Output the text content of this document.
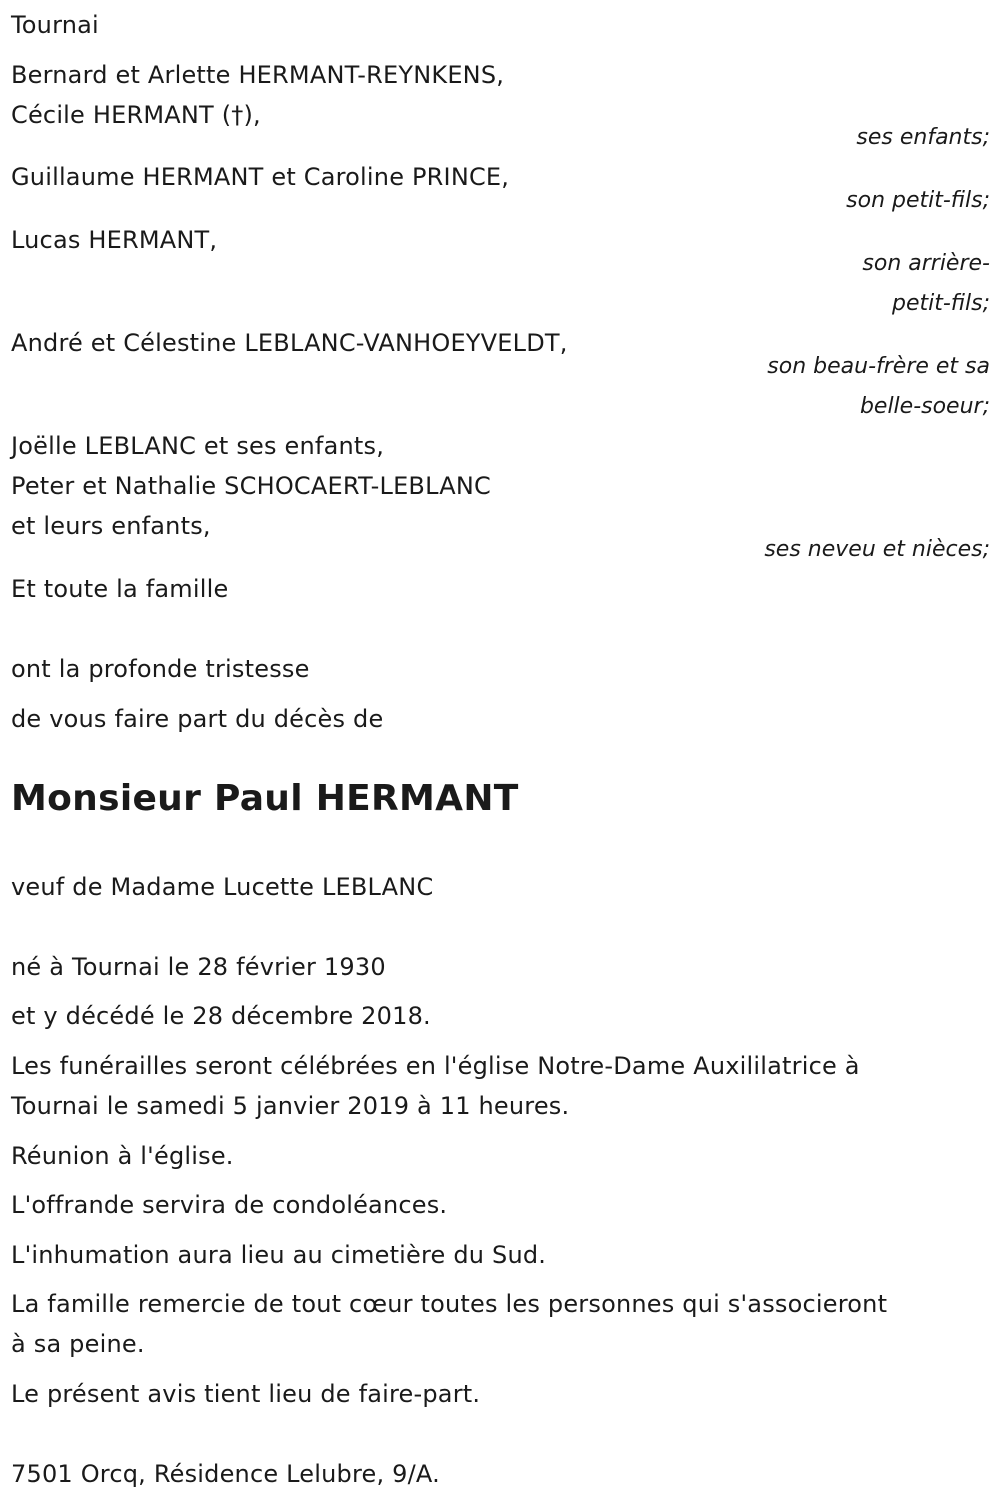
Tournai
Bernard et Arlette HERMANT-REYNKENS,
Cécile HERMANT (†),
ses enfants;
Guillaume HERMANT et Caroline PRINCE,
son petit-fils;
Lucas HERMANT,
son arrière-
petit-fils;
André et Célestine LEBLANC-VANHOEYVELDT,
son beau-frère et sa
belle-soeur;
Joëlle LEBLANC et ses enfants,
Peter et Nathalie SCHOCAERT-LEBLANC
et leurs enfants,
ses neveu et nièces;
Et toute la famille
ont la profonde tristesse
de vous faire part du décès de
Monsieur Paul HERMANT
veuf de Madame Lucette LEBLANC
né à Tournai le 28 février 1930
et y décédé le 28 décembre 2018.
Les funérailles seront célébrées en l'église Notre-Dame Auxililatrice à
Tournai le samedi 5 janvier 2019 à 11 heures.
Réunion à l'église.
L'offrande servira de condoléances.
L'inhumation aura lieu au cimetière du Sud.
La famille remercie de tout cœur toutes les personnes qui s'associeront
à sa peine.
Le présent avis tient lieu de faire-part.
7501 Orcq, Résidence Lelubre, 9/A.
